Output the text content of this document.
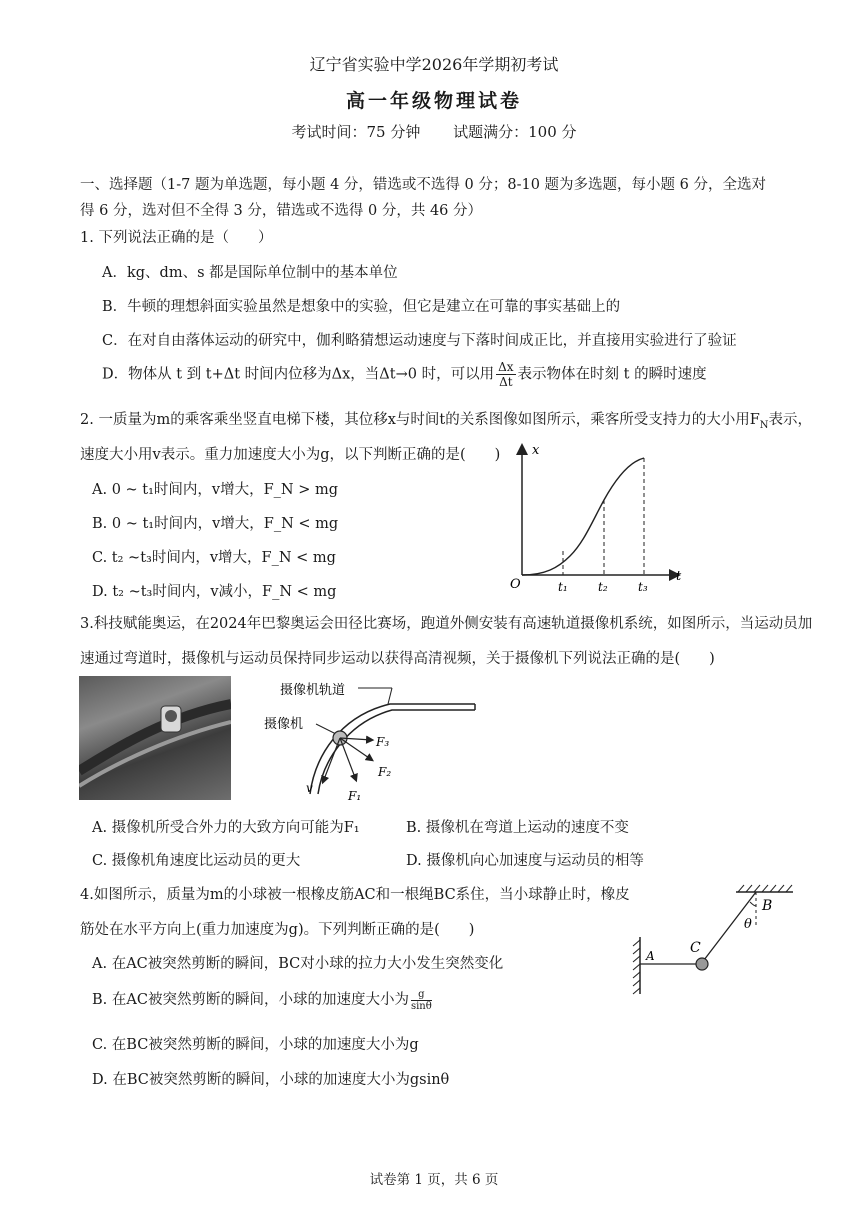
辽宁省实验中学2026年学期初考试
高一年级物理试卷
考试时间：75 分钟 试题满分：100 分
一、选择题（1-7 题为单选题，每小题 4 分，错选或不选得 0 分；8-10 题为多选题，每小题 6 分，全选对得 6 分，选对但不全得 3 分，错选或不选得 0 分，共 46 分）
1. 下列说法正确的是（　　）
A．kg、dm、s 都是国际单位制中的基本单位
B．牛顿的理想斜面实验虽然是想象中的实验，但它是建立在可靠的事实基础上的
C．在对自由落体运动的研究中，伽利略猜想运动速度与下落时间成正比，并直接用实验进行了验证
D．物体从 t 到 t+Δt 时间内位移为Δx，当Δt→0 时，可以用 $\frac{\Delta x}{\Delta t}$ 表示物体在时刻 t 的瞬时速度
2. 一质量为m的乘客乘坐竖直电梯下楼，其位移x与时间t的关系图像如图所示，乘客所受支持力的大小用$F_N$表示，
速度大小用v表示。重力加速度大小为g，以下判断正确的是(　　)
A. 0 ~ t₁时间内，v增大，F_N > mg
B. 0 ~ t₁时间内，v增大，F_N < mg
C. t₂ ~t₃时间内，v增大，F_N < mg
D. t₂ ~t₃时间内，v减小，F_N < mg
x
t
O	t₁	t₂	t₃
3.科技赋能奥运，在2024年巴黎奥运会田径比赛场，跑道外侧安装有高速轨道摄像机系统，如图所示，当运动员加
速通过弯道时，摄像机与运动员保持同步运动以获得高清视频，关于摄像机下列说法正确的是(　　)
摄像机轨道
摄像机
F₃
F₂
F₁
v
A. 摄像机所受合外力的大致方向可能为F₁	B. 摄像机在弯道上运动的速度不变
C. 摄像机角速度比运动员的更大	D. 摄像机向心加速度与运动员的相等
4.如图所示，质量为m的小球被一根橡皮筋AC和一根绳BC系住，当小球静止时，橡皮
筋处在水平方向上(重力加速度为g)。下列判断正确的是(　　)
A. 在AC被突然剪断的瞬间，BC对小球的拉力大小发生突然变化
B. 在AC被突然剪断的瞬间，小球的加速度大小为 $\frac{g}{\sin\theta}$
C. 在BC被突然剪断的瞬间，小球的加速度大小为g
D. 在BC被突然剪断的瞬间，小球的加速度大小为gsinθ
A	C
B
θ
试卷第 1 页，共 6 页
